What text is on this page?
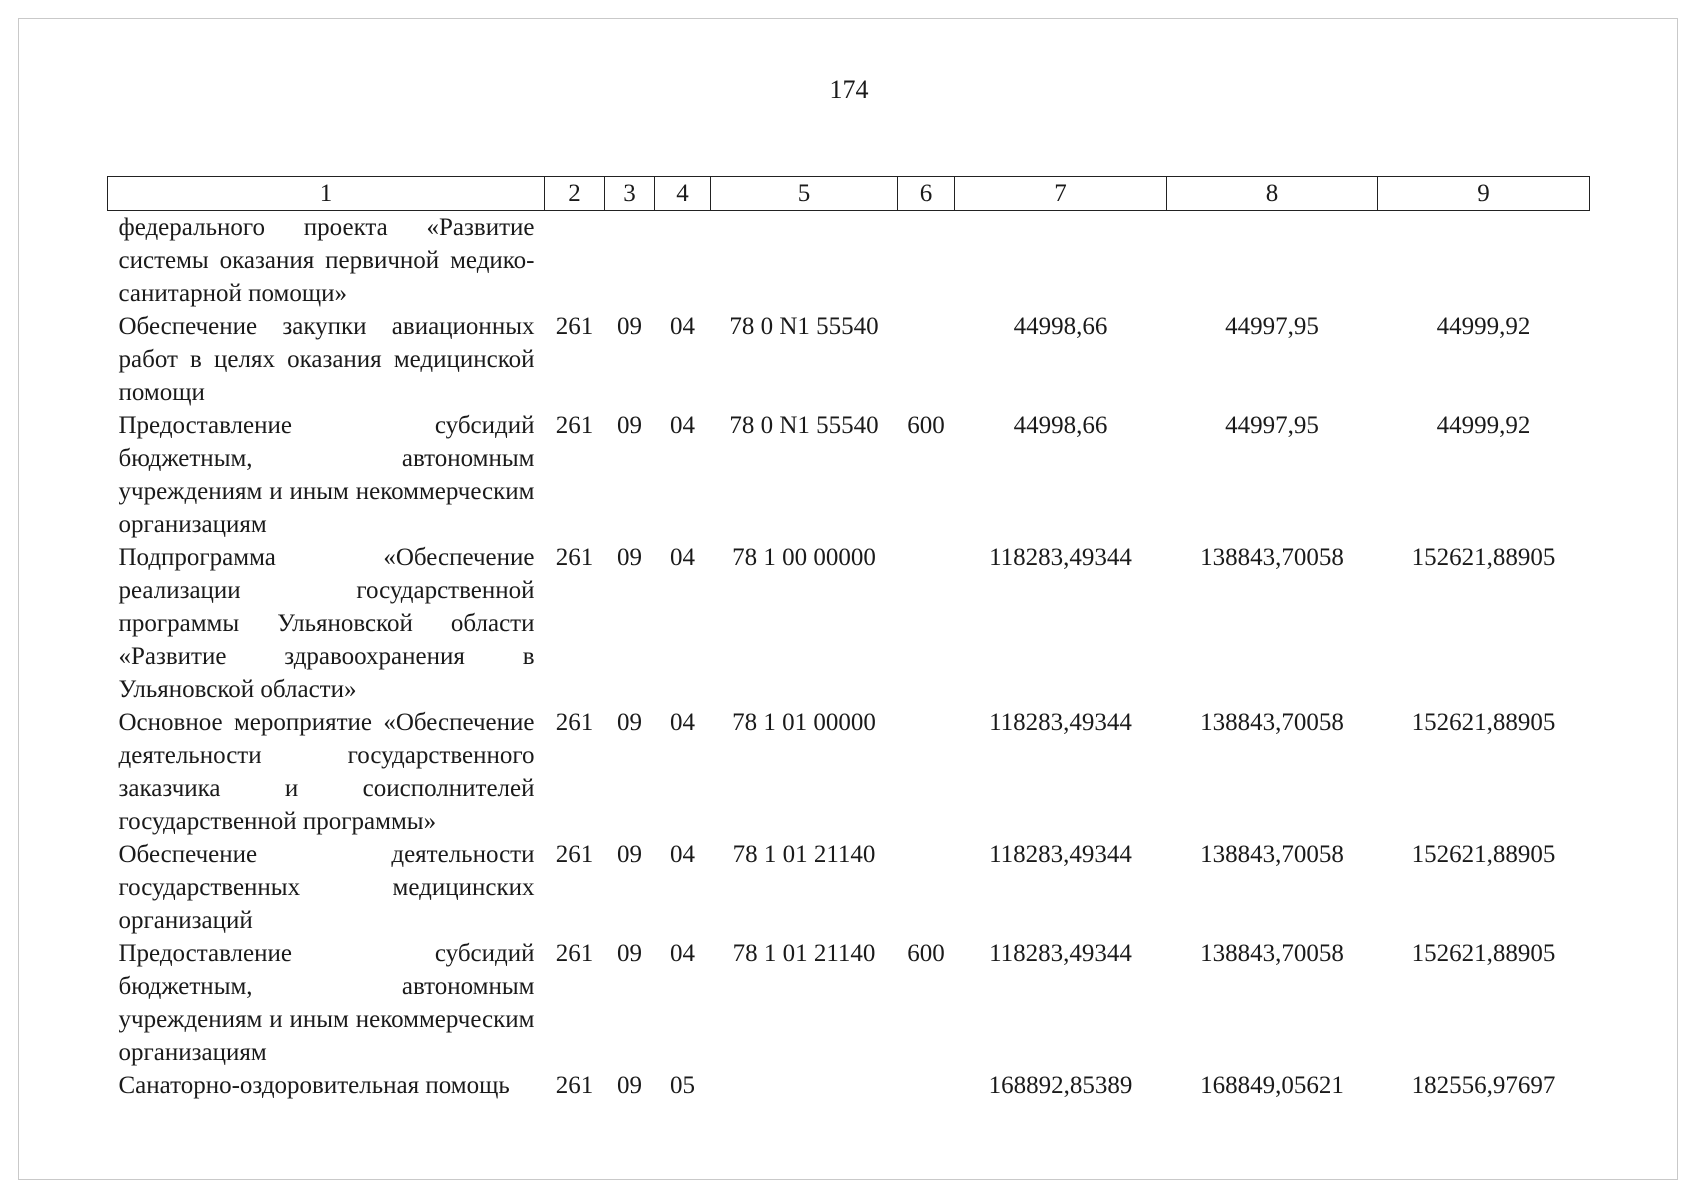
174
1	2	3	4	5	6	7	8	9
федерального проекта «Развитие системы оказания первичной медико-санитарной помощи»								
Обеспечение закупки авиационных работ в целях оказания медицинской помощи	261	09	04	78 0 N1 55540		44998,66	44997,95	44999,92
Предоставление субсидий бюджетным, автономным учреждениям и иным некоммерческим организациям	261	09	04	78 0 N1 55540	600	44998,66	44997,95	44999,92
Подпрограмма «Обеспечение реализации государственной программы Ульяновской области «Развитие здравоохранения в Ульяновской области»	261	09	04	78 1 00 00000		118283,49344	138843,70058	152621,88905
Основное мероприятие «Обеспечение деятельности государственного заказчика и соисполнителей государственной программы»	261	09	04	78 1 01 00000		118283,49344	138843,70058	152621,88905
Обеспечение деятельности государственных медицинских организаций	261	09	04	78 1 01 21140		118283,49344	138843,70058	152621,88905
Предоставление субсидий бюджетным, автономным учреждениям и иным некоммерческим организациям	261	09	04	78 1 01 21140	600	118283,49344	138843,70058	152621,88905
Санаторно-оздоровительная помощь	261	09	05			168892,85389	168849,05621	182556,97697
